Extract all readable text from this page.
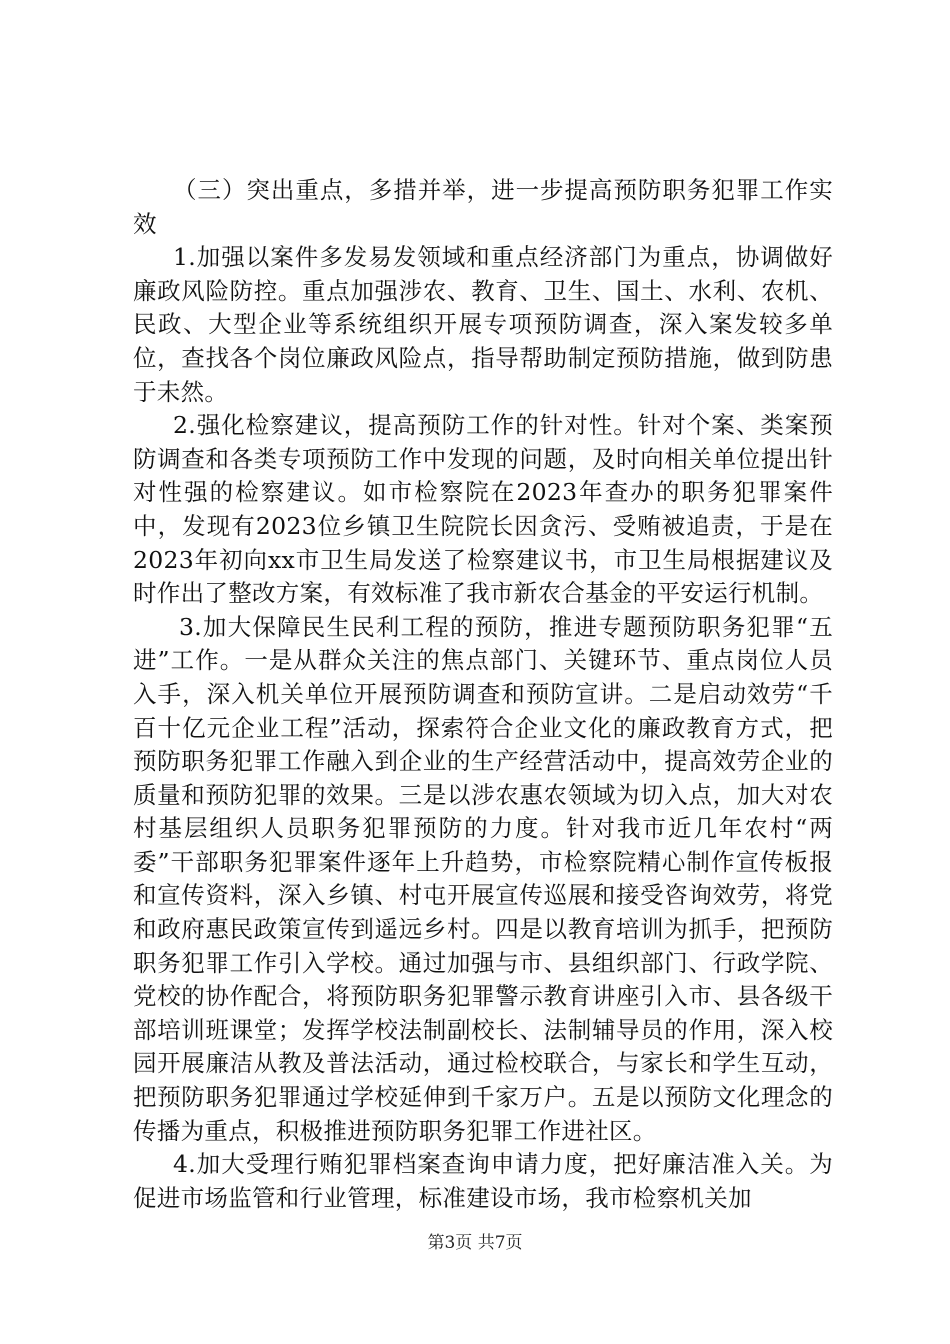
（三）突出重点，多措并举，进一步提高预防职务犯罪工作实效

1.加强以案件多发易发领域和重点经济部门为重点，协调做好廉政风险防控。重点加强涉农、教育、卫生、国土、水利、农机、民政、大型企业等系统组织开展专项预防调查，深入案发较多单位，查找各个岗位廉政风险点，指导帮助制定预防措施，做到防患于未然。

2.强化检察建议，提高预防工作的针对性。针对个案、类案预防调查和各类专项预防工作中发现的问题，及时向相关单位提出针对性强的检察建议。如市检察院在2023年查办的职务犯罪案件中，发现有2023位乡镇卫生院院长因贪污、受贿被追责，于是在2023年初向xx市卫生局发送了检察建议书，市卫生局根据建议及时作出了整改方案，有效标准了我市新农合基金的平安运行机制。

3.加大保障民生民利工程的预防，推进专题预防职务犯罪“五进”工作。一是从群众关注的焦点部门、关键环节、重点岗位人员入手，深入机关单位开展预防调查和预防宣讲。二是启动效劳“千百十亿元企业工程”活动，探索符合企业文化的廉政教育方式，把预防职务犯罪工作融入到企业的生产经营活动中，提高效劳企业的质量和预防犯罪的效果。三是以涉农惠农领域为切入点，加大对农村基层组织人员职务犯罪预防的力度。针对我市近几年农村“两委”干部职务犯罪案件逐年上升趋势，市检察院精心制作宣传板报和宣传资料，深入乡镇、村屯开展宣传巡展和接受咨询效劳，将党和政府惠民政策宣传到遥远乡村。四是以教育培训为抓手，把预防职务犯罪工作引入学校。通过加强与市、县组织部门、行政学院、党校的协作配合，将预防职务犯罪警示教育讲座引入市、县各级干部培训班课堂；发挥学校法制副校长、法制辅导员的作用，深入校园开展廉洁从教及普法活动，通过检校联合，与家长和学生互动，把预防职务犯罪通过学校延伸到千家万户。五是以预防文化理念的传播为重点，积极推进预防职务犯罪工作进社区。

4.加大受理行贿犯罪档案查询申请力度，把好廉洁准入关。为促进市场监管和行业管理，标准建设市场，我市检察机关加

第3页 共7页
